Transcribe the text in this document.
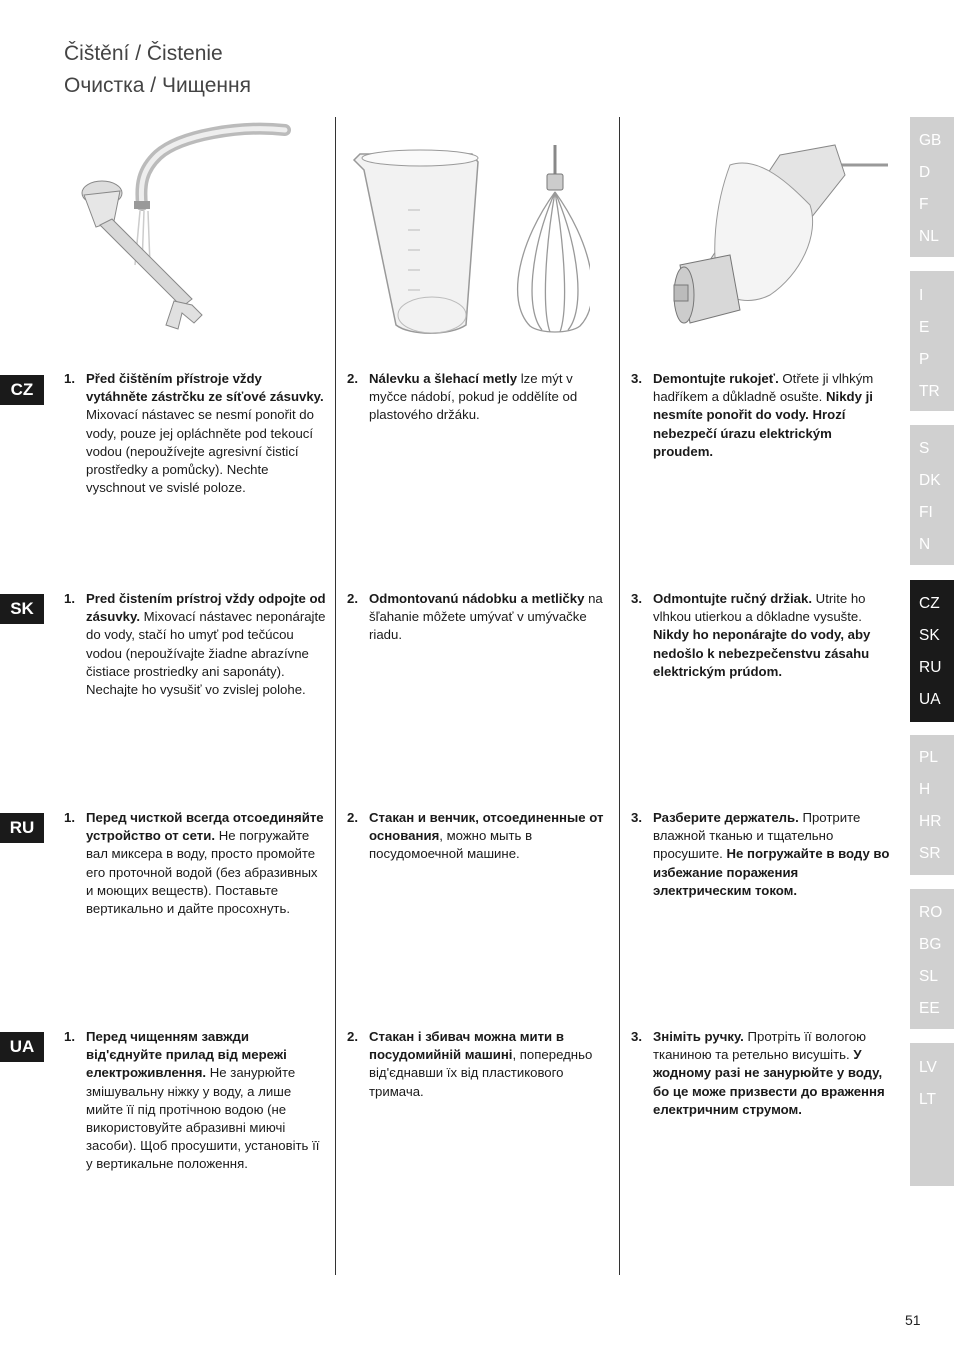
Čištění / Čistenie
Очистка / Чищення
CZ
SK
RU
UA
1. Před čištěním přístroje vždy vytáhněte zástrčku ze síťové zásuvky. Mixovací nástavec se nesmí ponořit do vody, pouze jej opláchněte pod tekoucí vodou (nepoužívejte agresivní čisticí prostředky a pomůcky). Nechte vyschnout ve svislé poloze.
2. Nálevku a šlehací metly lze mýt v myčce nádobí, pokud je oddělíte od plastového držáku.
3. Demontujte rukojeť. Otřete ji vlhkým hadříkem a důkladně osušte. Nikdy ji nesmíte ponořit do vody. Hrozí nebezpečí úrazu elektrickým proudem.
1. Pred čistením prístroj vždy odpojte od zásuvky. Mixovací nástavec neponárajte do vody, stačí ho umyť pod tečúcou vodou (nepoužívajte žiadne abrazívne čistiace prostriedky ani saponáty). Nechajte ho vysušiť vo zvislej polohe.
2. Odmontovanú nádobku a metličky na šľahanie môžete umývať v umývačke riadu.
3. Odmontujte ručný držiak. Utrite ho vlhkou utierkou a dôkladne vysušte. Nikdy ho neponárajte do vody, aby nedošlo k nebezpečenstvu zásahu elektrickým prúdom.
1. Перед чисткой всегда отсоединяйте устройство от сети. Не погружайте вал миксера в воду, просто промойте его проточной водой (без абразивных и моющих веществ). Поставьте вертикально и дайте просохнуть.
2. Стакан и венчик, отсоединенные от основания, можно мыть в посудомоечной машине.
3. Разберите держатель. Протрите влажной тканью и тщательно просушите. Не погружайте в воду во избежание поражения электрическим током.
1. Перед чищенням завжди від'єднуйте прилад від мережі електроживлення. Не занурюйте змішувальну ніжку у воду, а лише мийте її під протічною водою (не використовуйте абразивні миючі засоби). Щоб просушити, установіть її у вертикальне положення.
2. Стакан і збивач можна мити в посудомийній машині, попередньо від'єднавши їх від пластикового тримача.
3. Зніміть ручку. Протріть її вологою тканиною та ретельно висушіть. У жодному разі не занурюйте у воду, бо це може призвести до враження електричним струмом.
GB
D
F
NL
I
E
P
TR
S
DK
FI
N
CZ
SK
RU
UA
PL
H
HR
SR
RO
BG
SL
EE
LV
LT
51
